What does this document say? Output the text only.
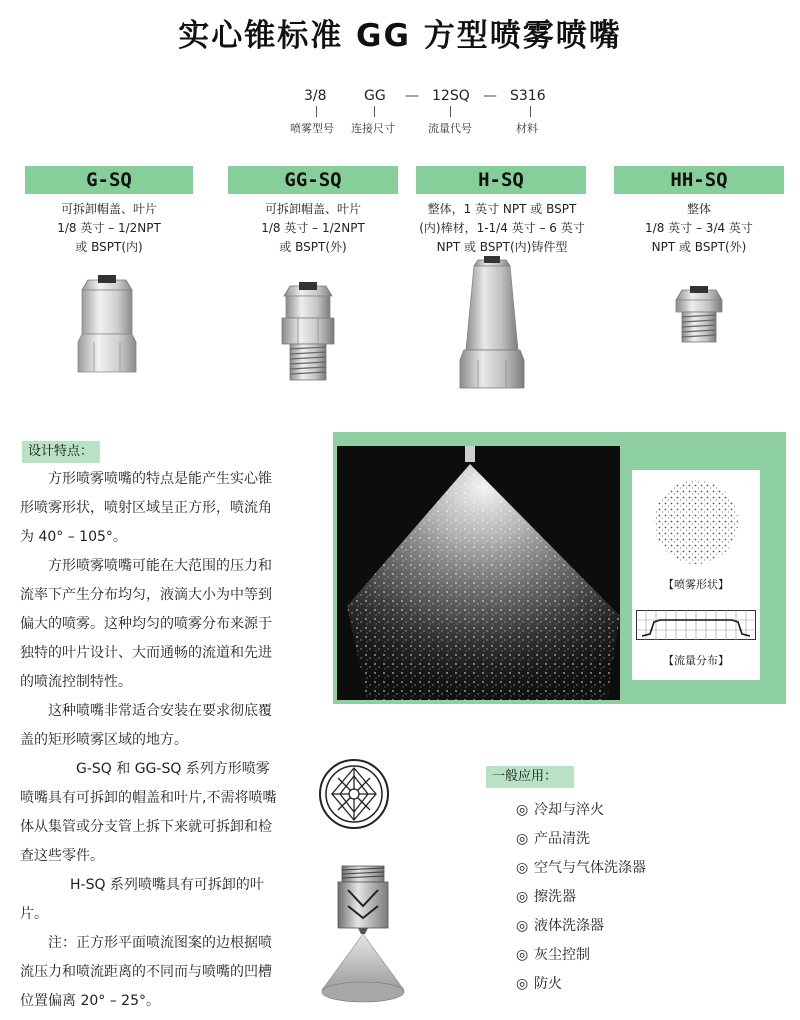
实心锥标准 GG 方型喷雾喷嘴
3/8	GG — 12SQ — S316
喷雾型号 连接尺寸	流量代号	材料
G-SQ	GG-SQ	H-SQ	HH-SQ
可拆卸帽盖、叶片
1/8 英寸 – 1/2NPT
或 BSPT(内)
可拆卸帽盖、叶片
1/8 英寸 – 1/2NPT
或 BSPT(外)
整体，1 英寸 NPT 或 BSPT
(内)棒材，1-1/4 英寸 – 6 英寸
NPT 或 BSPT(内)铸件型
整体
1/8 英寸 – 3/4 英寸
NPT 或 BSPT(外)
设计特点：
方形喷雾喷嘴的特点是能产生实心锥形喷雾形状，喷射区域呈正方形，喷流角为 40° – 105°。
方形喷雾喷嘴可能在大范围的压力和流率下产生分布均匀，液滴大小为中等到偏大的喷雾。这种均匀的喷雾分布来源于独特的叶片设计、大而通畅的流道和先进的喷流控制特性。
这种喷嘴非常适合安装在要求彻底覆盖的矩形喷雾区域的地方。
G-SQ 和 GG-SQ 系列方形喷雾喷嘴具有可拆卸的帽盖和叶片,不需将喷嘴体从集管或分支管上拆下来就可拆卸和检查这些零件。
H-SQ 系列喷嘴具有可拆卸的叶片。
注：正方形平面喷流图案的边根据喷流压力和喷流距离的不同而与喷嘴的凹槽位置偏离 20° – 25°。
【喷雾形状】
【流量分布】
一般应用：
◎ 冷却与淬火
◎ 产品清洗
◎ 空气与气体洗涤器
◎ 擦洗器
◎ 液体洗涤器
◎ 灰尘控制
◎ 防火
